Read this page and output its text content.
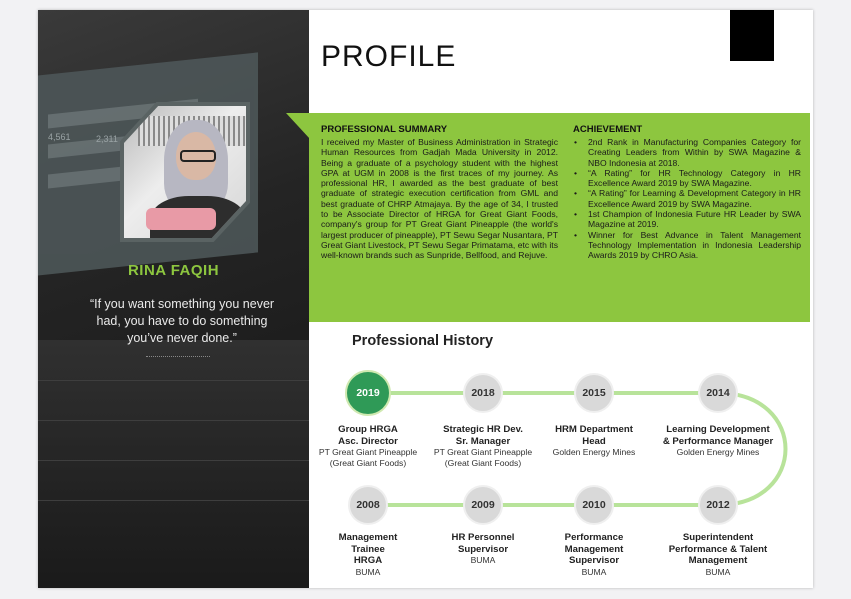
4,561	2,311
RINA FAQIH
“If you want something you never
had, you have to do something
you’ve never done.”
PROFILE
PROFESSIONAL SUMMARY
I received my Master of Business Administration in Strategic Human Resources from Gadjah Mada University in 2012. Being a graduate of a psychology student with the highest GPA at UGM in 2008 is the first traces of my journey. As professional HR, I awarded as the best graduate of best graduate of strategic execution certification from GML and best graduate of CHRP Atmajaya. By the age of 34, I trusted to be Associate Director of HRGA for Great Giant Foods, company's group for PT Great Giant Pineapple (the world's largest producer of pineapple), PT Sewu Segar Nusantara, PT Great Giant Livestock, PT Sewu Segar Primatama, etc with its well-known brands such as Sunpride, Bellfood, and Rejuve.
ACHIEVEMENT
• 2nd Rank in Manufacturing Companies Category for Creating Leaders from Within by SWA Magazine & NBO Indonesia at 2018.
• “A Rating” for HR Technology Category in HR Excellence Award 2019 by SWA Magazine.
• “A Rating” for Learning & Development Category in HR Excellence Award 2019 by SWA Magazine.
• 1st Champion of Indonesia Future HR Leader by SWA Magazine at 2019.
• Winner for Best Advance in Talent Management Technology Implementation in Indonesia Leadership Awards 2019 by CHRO Asia.
Professional History
2019
Group HRGA
Asc. Director
PT Great Giant Pineapple
(Great Giant Foods)
2018
Strategic HR Dev.
Sr. Manager
PT Great Giant Pineapple
(Great Giant Foods)
2015
HRM Department
Head
Golden Energy Mines
2014
Learning Development
& Performance Manager
Golden Energy Mines
2008
Management
Trainee
HRGA
BUMA
2009
HR Personnel
Supervisor
BUMA
2010
Performance
Management
Supervisor
BUMA
2012
Superintendent
Performance & Talent
Management
BUMA
